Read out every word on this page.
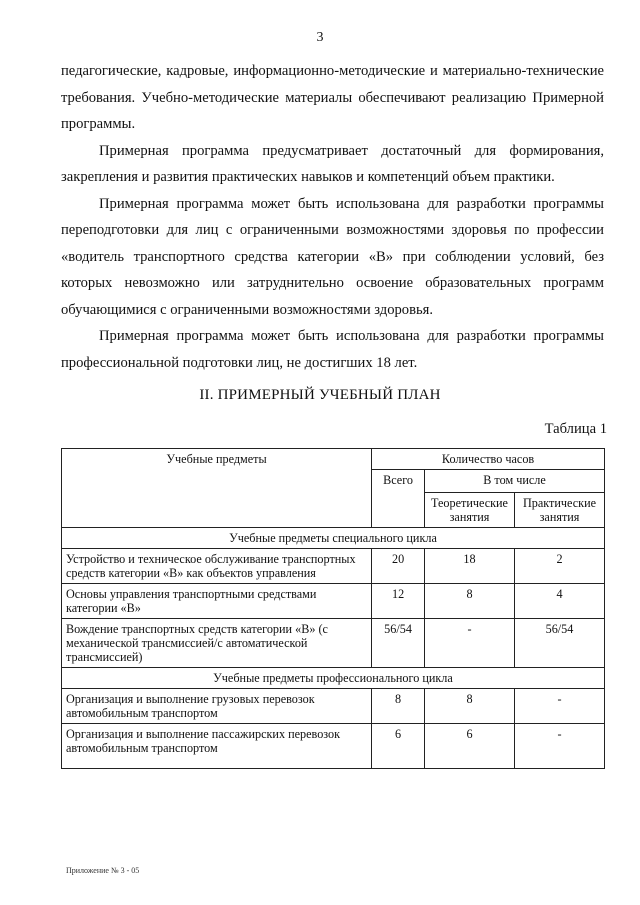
3

педагогические, кадровые, информационно-методические и материально-технические требования. Учебно-методические материалы обеспечивают реализацию Примерной программы.

Примерная программа предусматривает достаточный для формирования, закрепления и развития практических навыков и компетенций объем практики.

Примерная программа может быть использована для разработки программы переподготовки для лиц с ограниченными возможностями здоровья по профессии «водитель транспортного средства категории «В» при соблюдении условий, без которых невозможно или затруднительно освоение образовательных программ обучающимися с ограниченными возможностями здоровья.

Примерная программа может быть использована для разработки программы профессиональной подготовки лиц, не достигших 18 лет.

II. ПРИМЕРНЫЙ УЧЕБНЫЙ ПЛАН
Таблица 1
Учебные предметы	Количество часов		
	Всего	В том числе	
		Теоретические занятия	Практические занятия
Учебные предметы специального цикла			
Устройство и техническое обслуживание транспортных средств категории «В» как объектов управления	20	18	2
Основы управления транспортными средствами категории «В»	12	8	4
Вождение транспортных средств категории «В» (с механической трансмиссией/с автоматической трансмиссией)	56/54	-	56/54
Учебные предметы профессионального цикла			
Организация и выполнение грузовых перевозок автомобильным транспортом	8	8	-
Организация и выполнение пассажирских перевозок автомобильным транспортом	6	6	-
Приложение № 3 - 05
